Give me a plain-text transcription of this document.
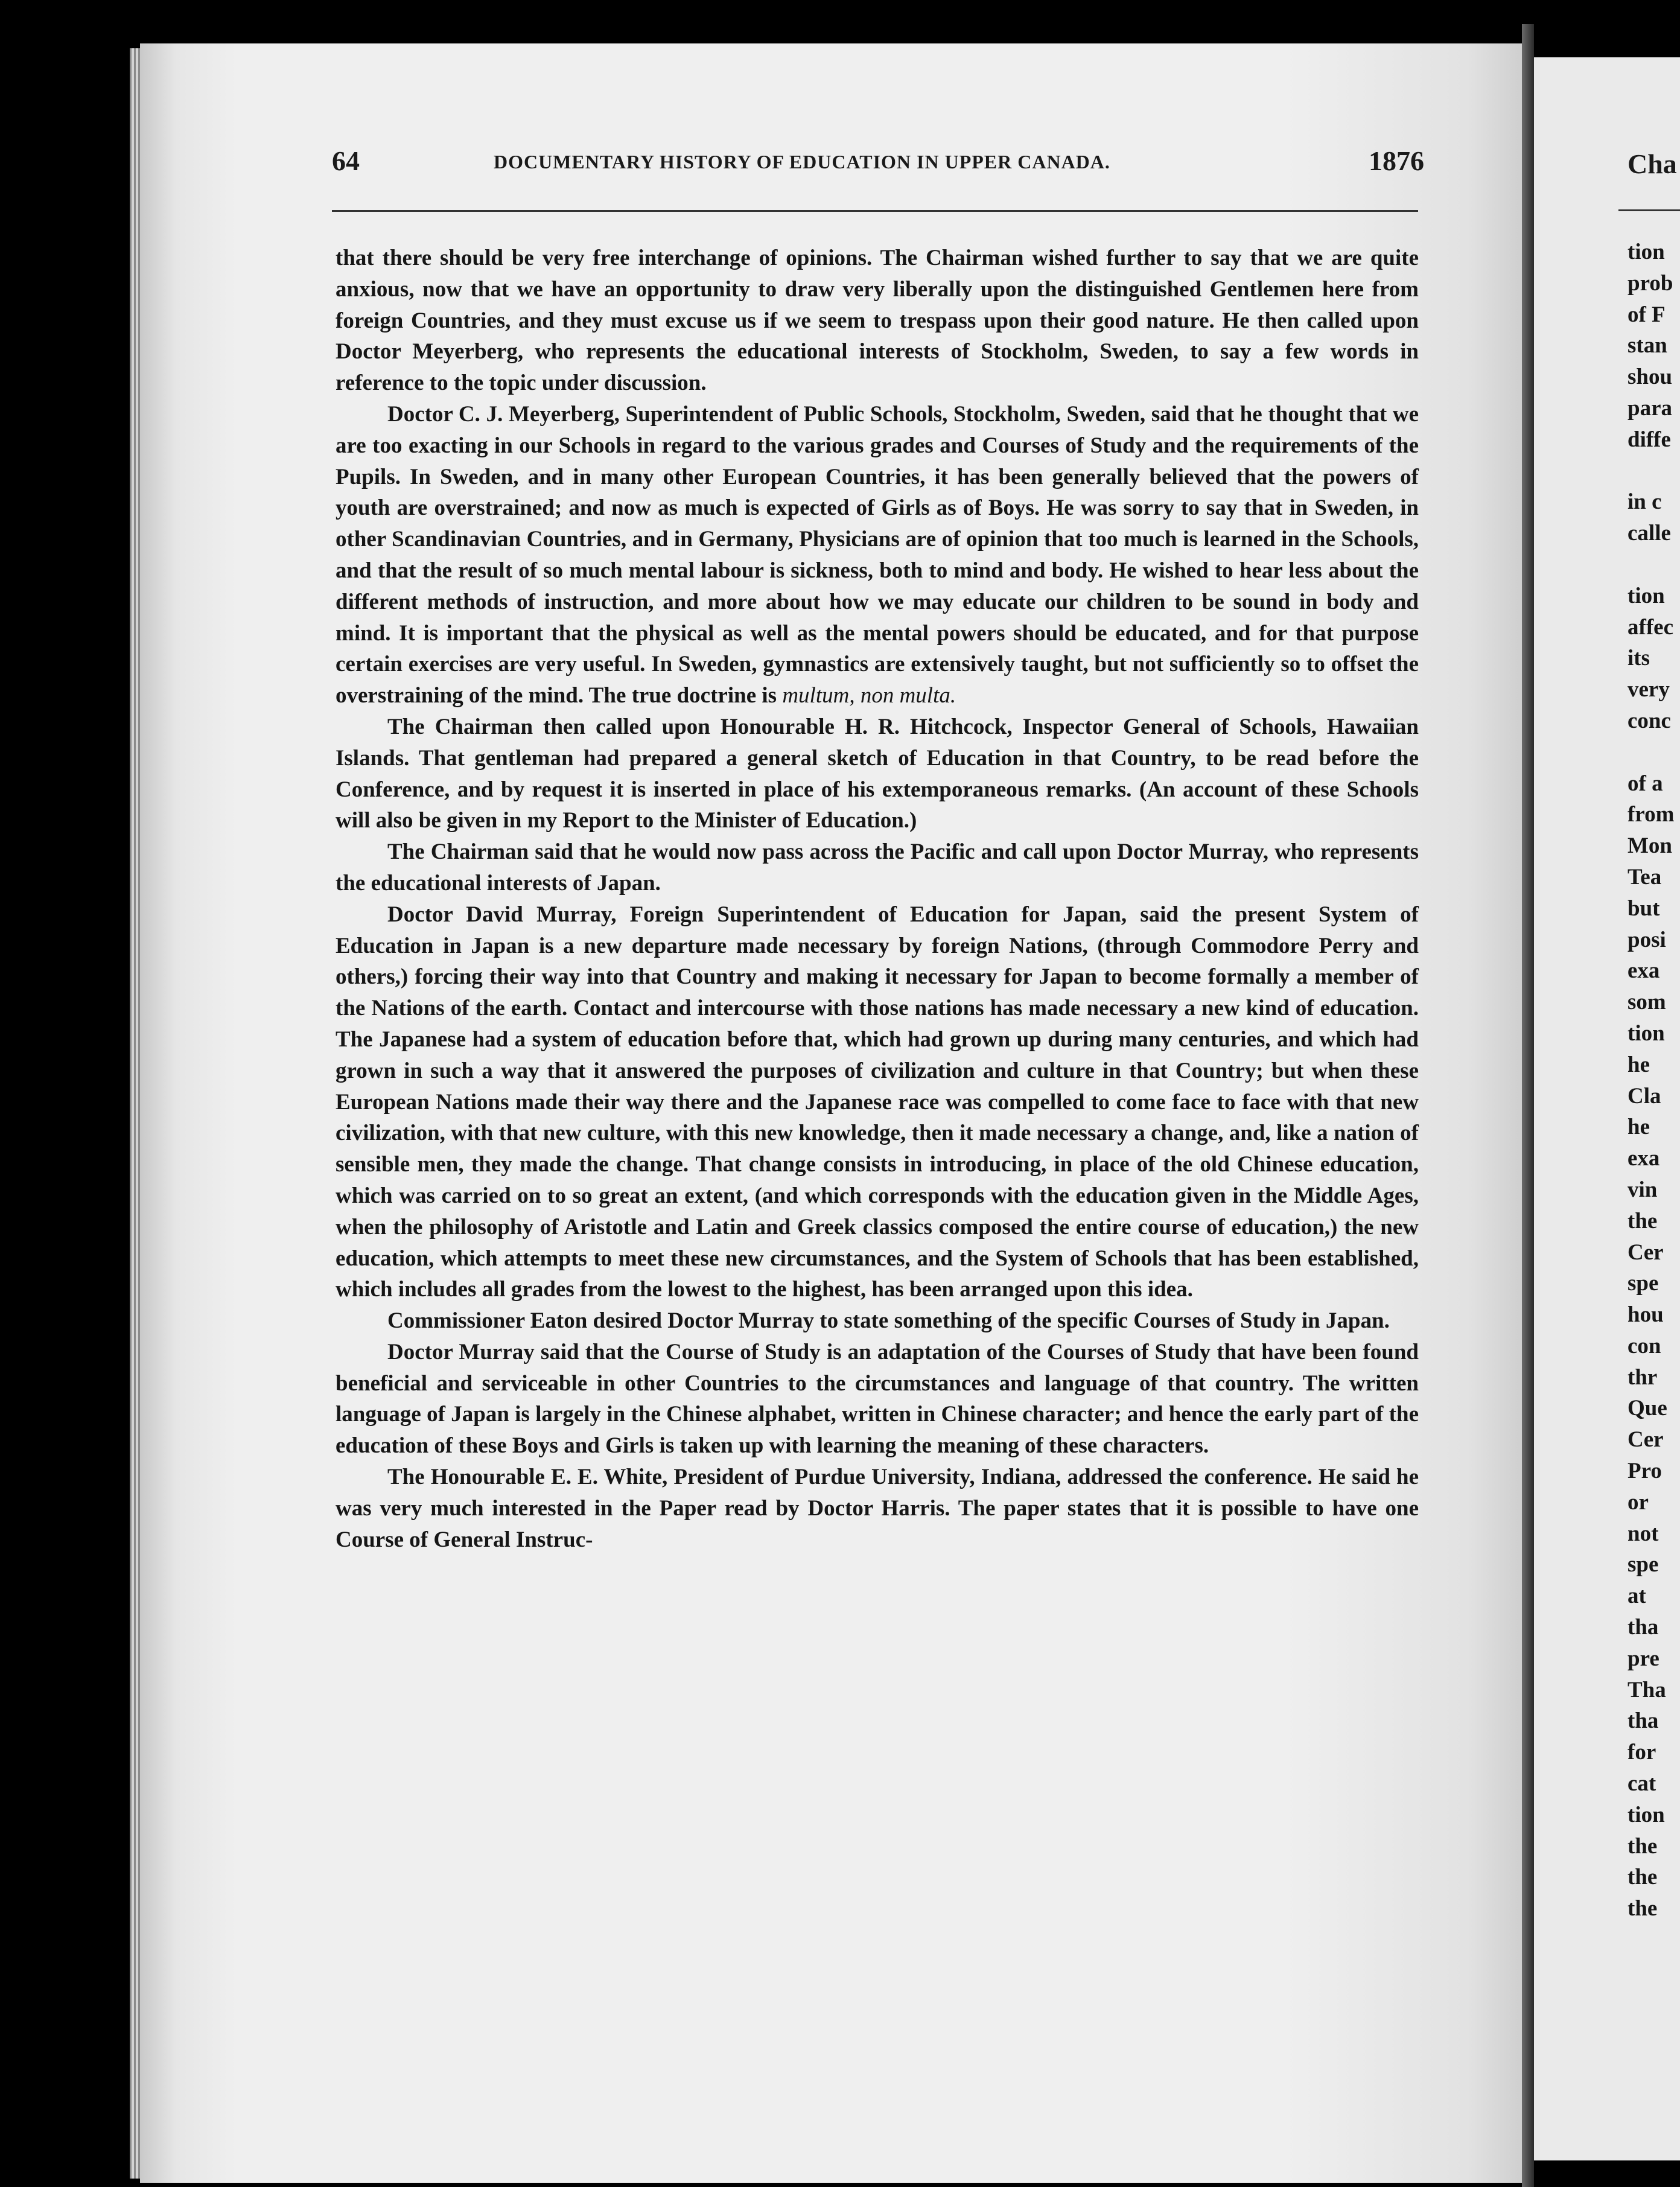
64	DOCUMENTARY HISTORY OF EDUCATION IN UPPER CANADA.	1876

that there should be very free interchange of opinions. The Chairman wished further to say that we are quite anxious, now that we have an opportunity to draw very liberally upon the distinguished Gentlemen here from foreign Countries, and they must excuse us if we seem to trespass upon their good nature. He then called upon Doctor Meyerberg, who represents the educational interests of Stockholm, Sweden, to say a few words in reference to the topic under discussion.

Doctor C. J. Meyerberg, Superintendent of Public Schools, Stockholm, Sweden, said that he thought that we are too exacting in our Schools in regard to the various grades and Courses of Study and the requirements of the Pupils. In Sweden, and in many other European Countries, it has been generally believed that the powers of youth are overstrained; and now as much is expected of Girls as of Boys. He was sorry to say that in Sweden, in other Scandinavian Countries, and in Germany, Physicians are of opinion that too much is learned in the Schools, and that the result of so much mental labour is sickness, both to mind and body. He wished to hear less about the different methods of instruction, and more about how we may educate our children to be sound in body and mind. It is important that the physical as well as the mental powers should be educated, and for that purpose certain exercises are very useful. In Sweden, gymnastics are extensively taught, but not sufficiently so to offset the overstraining of the mind. The true doctrine is multum, non multa.

The Chairman then called upon Honourable H. R. Hitchcock, Inspector General of Schools, Hawaiian Islands. That gentleman had prepared a general sketch of Education in that Country, to be read before the Conference, and by request it is inserted in place of his extemporaneous remarks. (An account of these Schools will also be given in my Report to the Minister of Education.)

The Chairman said that he would now pass across the Pacific and call upon Doctor Murray, who represents the educational interests of Japan.

Doctor David Murray, Foreign Superintendent of Education for Japan, said the present System of Education in Japan is a new departure made necessary by foreign Nations, (through Commodore Perry and others,) forcing their way into that Country and making it necessary for Japan to become formally a member of the Nations of the earth. Contact and intercourse with those nations has made necessary a new kind of education. The Japanese had a system of education before that, which had grown up during many centuries, and which had grown in such a way that it answered the purposes of civilization and culture in that Country; but when these European Nations made their way there and the Japanese race was compelled to come face to face with that new civilization, with that new culture, with this new knowledge, then it made necessary a change, and, like a nation of sensible men, they made the change. That change consists in introducing, in place of the old Chinese education, which was carried on to so great an extent, (and which corresponds with the education given in the Middle Ages, when the philosophy of Aristotle and Latin and Greek classics composed the entire course of education,) the new education, which attempts to meet these new circumstances, and the System of Schools that has been established, which includes all grades from the lowest to the highest, has been arranged upon this idea.

Commissioner Eaton desired Doctor Murray to state something of the specific Courses of Study in Japan.

Doctor Murray said that the Course of Study is an adaptation of the Courses of Study that have been found beneficial and serviceable in other Countries to the circumstances and language of that country. The written language of Japan is largely in the Chinese alphabet, written in Chinese character; and hence the early part of the education of these Boys and Girls is taken up with learning the meaning of these characters.

The Honourable E. E. White, President of Purdue University, Indiana, addressed the conference. He said he was very much interested in the Paper read by Doctor Harris. The paper states that it is possible to have one Course of General Instruc-

Cha
tion
prob
of F
stan
shou
para
diffe
in c
calle
tion
affec
its
very
conc
of a
from
Mon
Tea
but
posi
exa
som
tion
he
Cla
he
exa
vin
the
Cer
spe
hou
con
thr
Que
Cer
Pro
or
not
spe
at
tha
pre
Tha
tha
for
cat
tion
the
the
the
